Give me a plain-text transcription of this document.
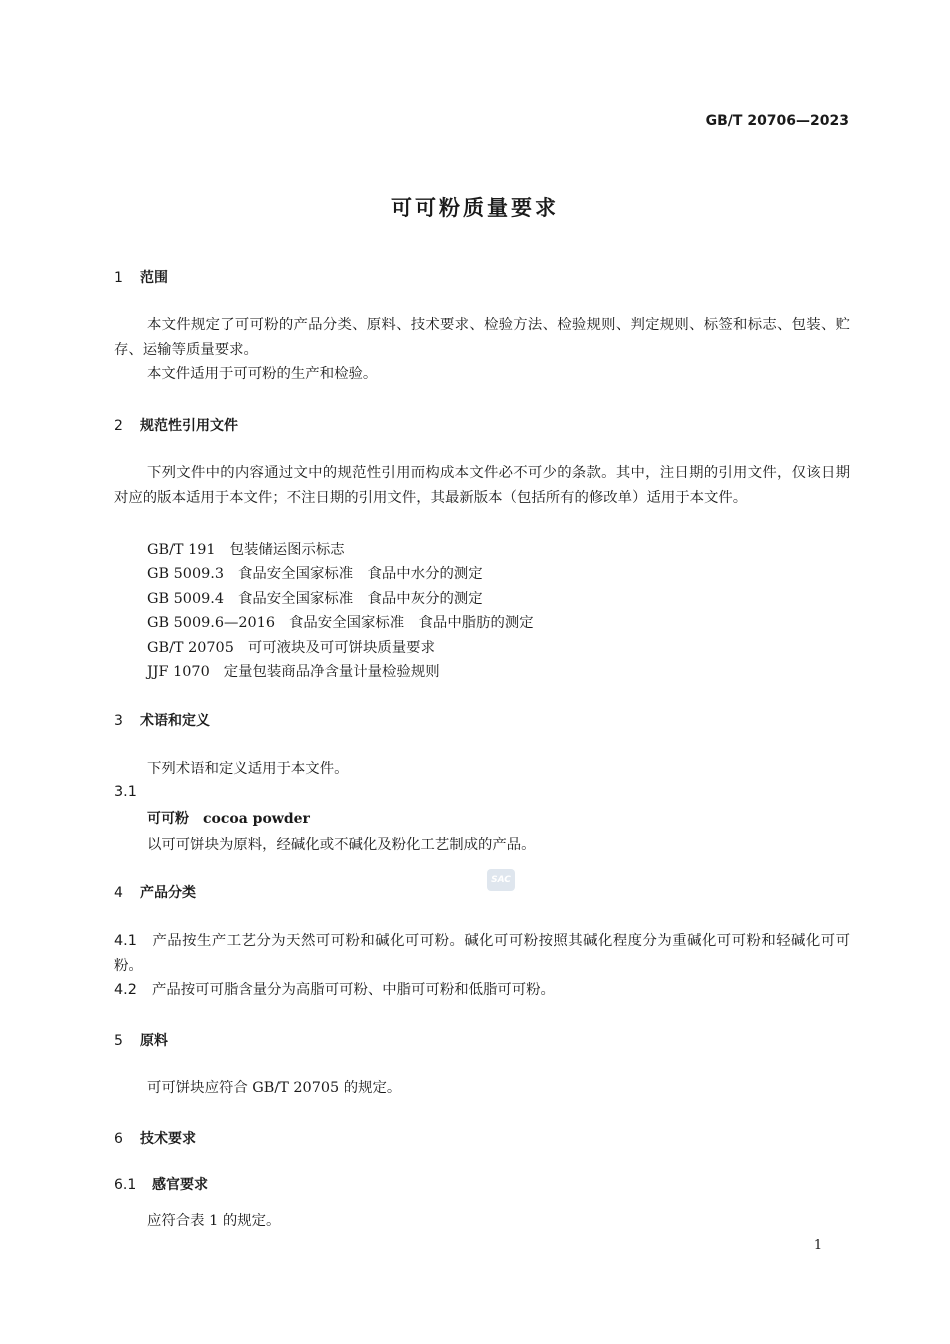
GB/T 20706—2023
可可粉质量要求
1 范围
本文件规定了可可粉的产品分类、原料、技术要求、检验方法、检验规则、判定规则、标签和标志、包装、贮存、运输等质量要求。
本文件适用于可可粉的生产和检验。
2 规范性引用文件
下列文件中的内容通过文中的规范性引用而构成本文件必不可少的条款。其中，注日期的引用文件，仅该日期对应的版本适用于本文件；不注日期的引用文件，其最新版本（包括所有的修改单）适用于本文件。
GB/T 191 包装储运图示标志
GB 5009.3 食品安全国家标准　食品中水分的测定
GB 5009.4 食品安全国家标准　食品中灰分的测定
GB 5009.6—2016 食品安全国家标准　食品中脂肪的测定
GB/T 20705 可可液块及可可饼块质量要求
JJF 1070 定量包装商品净含量计量检验规则
3 术语和定义
下列术语和定义适用于本文件。
3.1
可可粉 cocoa powder
以可可饼块为原料，经碱化或不碱化及粉化工艺制成的产品。
4 产品分类
SAC
4.1 产品按生产工艺分为天然可可粉和碱化可可粉。碱化可可粉按照其碱化程度分为重碱化可可粉和轻碱化可可粉。
4.2 产品按可可脂含量分为高脂可可粉、中脂可可粉和低脂可可粉。
5 原料
可可饼块应符合 GB/T 20705 的规定。
6 技术要求
6.1 感官要求
应符合表 1 的规定。
1
